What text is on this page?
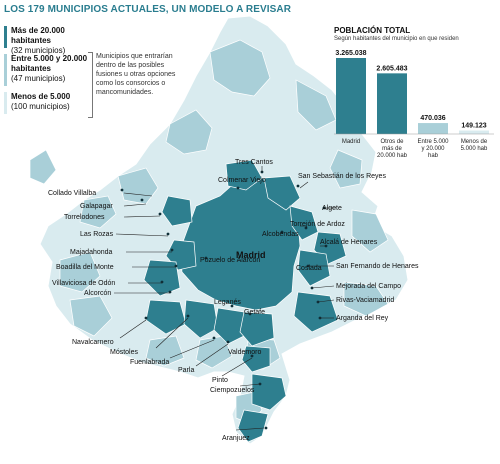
LOS 179 MUNICIPIOS ACTUALES, UN MODELO A REVISAR
Más de 20.000 habitantes
(32 municipios)
Entre 5.000 y 20.000 habitantes
(47 municipios)
Menos de 5.000
(100 municipios)
Municipios que entrarían dentro de las posibles fusiones u otras opciones como los consorcios o mancomunidades.
Madrid
Tres Cantos
San Sebastián de los Reyes
Colmenar Viejo
Collado Villalba
Galapagar
Torrelodones
Las Rozas
Majadahonda
Boadilla del Monte
Villaviciosa de Odón
Alcorcón
Navalcarnero
Móstoles
Fuenlabrada
Parla
Pinto
Ciempozuelos
Aranjuez
Algete
Torrejón de Ardoz
Alcobendas
Alcalá de Henares
Coslada San Fernando de Henares
Mejorada del Campo
Rivas-Vaciamadrid
Arganda del Rey
Pozuelo de Alarcón
Leganés
Getafe
Valdemoro
POBLACIÓN TOTAL
Según habitantes del municipio en que residen
3.265.038
Madrid
2.605.483
Otros de
más de
20.000 hab
470.036
Entre 5.000
y 20.000
hab
149.123
Menos de
5.000 hab
